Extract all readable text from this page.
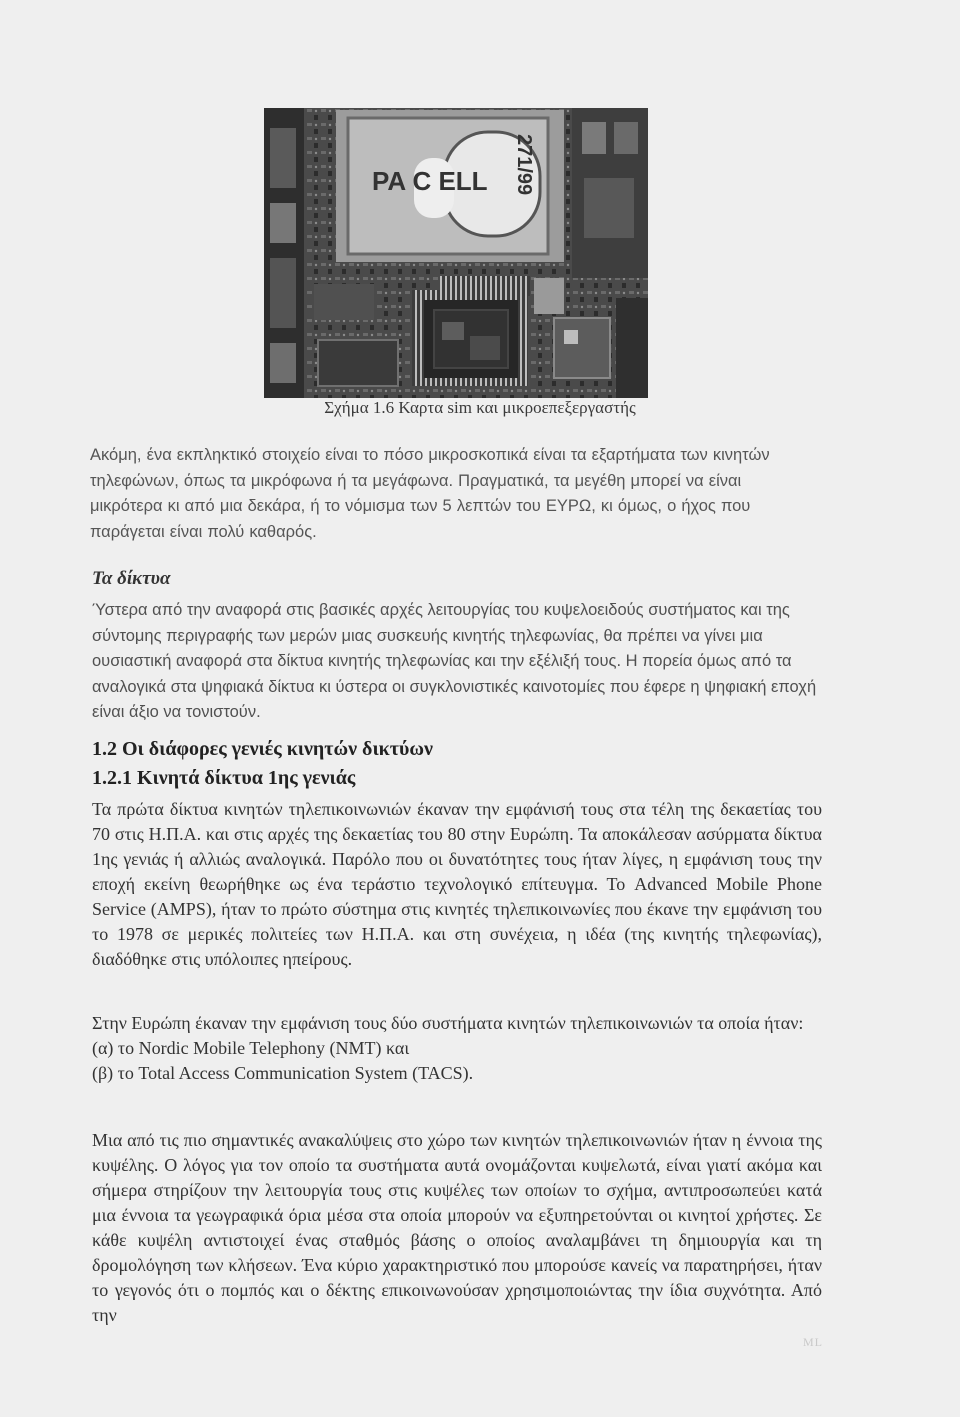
PA C ELL 271/99
Σχήμα 1.6 Καρτα sim και μικροεπεξεργαστής
Ακόμη, ένα εκπληκτικό στοιχείο είναι το πόσο μικροσκοπικά είναι τα εξαρτήματα των κινητών τηλεφώνων, όπως τα μικρόφωνα ή τα μεγάφωνα. Πραγματικά, τα μεγέθη μπορεί να είναι μικρότερα κι από μια δεκάρα, ή το νόμισμα των 5 λεπτών του ΕΥΡΩ, κι όμως, ο ήχος που παράγεται είναι πολύ καθαρός.
Τα δίκτυα
Ύστερα από την αναφορά στις βασικές αρχές λειτουργίας του κυψελοειδούς συστήματος και της σύντομης περιγραφής των μερών μιας συσκευής κινητής τηλεφωνίας, θα πρέπει να γίνει μια ουσιαστική αναφορά στα δίκτυα κινητής τηλεφωνίας και την εξέλιξή τους. Η πορεία όμως από τα αναλογικά στα ψηφιακά δίκτυα κι ύστερα οι συγκλονιστικές καινοτομίες που έφερε η ψηφιακή εποχή είναι άξιο να τονιστούν.
1.2 Οι διάφορες γενιές κινητών δικτύων
1.2.1 Κινητά δίκτυα 1ης γενιάς
Τα πρώτα δίκτυα κινητών τηλεπικοινωνιών έκαναν την εμφάνισή τους στα τέλη της δεκαετίας του 70 στις Η.Π.Α. και στις αρχές της δεκαετίας του 80 στην Ευρώπη. Τα αποκάλεσαν ασύρματα δίκτυα 1ης γενιάς ή αλλιώς αναλογικά. Παρόλο που οι δυνατότητες τους ήταν λίγες, η εμφάνιση τους την εποχή εκείνη θεωρήθηκε ως ένα τεράστιο τεχνολογικό επίτευγμα. Το Advanced Mobile Phone Service (AMPS), ήταν το πρώτο σύστημα στις κινητές τηλεπικοινωνίες που έκανε την εμφάνιση του το 1978 σε μερικές πολιτείες των Η.Π.Α. και στη συνέχεια, η ιδέα (της κινητής τηλεφωνίας), διαδόθηκε στις υπόλοιπες ηπείρους.
Στην Ευρώπη έκαναν την εμφάνιση τους δύο συστήματα κινητών τηλεπικοινωνιών τα οποία ήταν:
(α) το Nordic Mobile Telephony (NMT) και
(β) το Total Access Communication System (TACS).
Μια από τις πιο σημαντικές ανακαλύψεις στο χώρο των κινητών τηλεπικοινωνιών ήταν η έννοια της κυψέλης. Ο λόγος για τον οποίο τα συστήματα αυτά ονομάζονται κυψελωτά, είναι γιατί ακόμα και σήμερα στηρίζουν την λειτουργία τους στις κυψέλες των οποίων το σχήμα, αντιπροσωπεύει κατά μια έννοια τα γεωγραφικά όρια μέσα στα οποία μπορούν να εξυπηρετούνται οι κινητοί χρήστες. Σε κάθε κυψέλη αντιστοιχεί ένας σταθμός βάσης ο οποίος αναλαμβάνει τη δημιουργία και τη δρομολόγηση των κλήσεων. Ένα κύριο χαρακτηριστικό που μπορούσε κανείς να παρατηρήσει, ήταν το γεγονός ότι ο πομπός και ο δέκτης επικοινωνούσαν χρησιμοποιώντας την ίδια συχνότητα. Από την
ML
